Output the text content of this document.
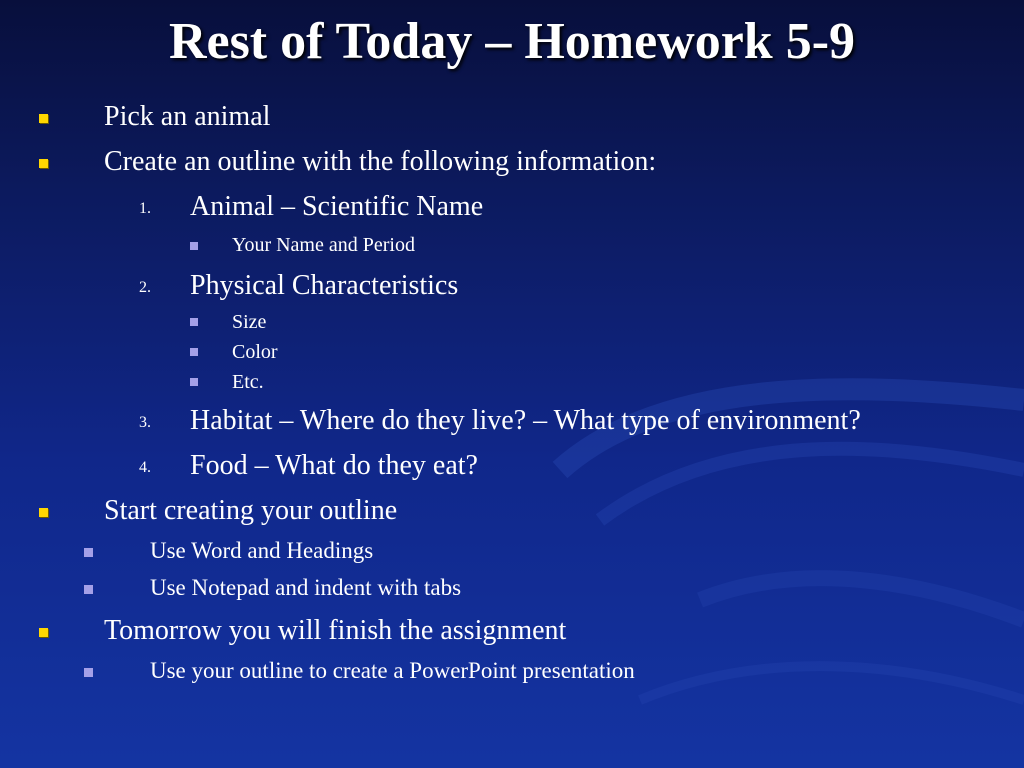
Rest of Today – Homework 5-9
Pick an animal
Create an outline with the following information:
1. Animal – Scientific Name
Your Name and Period
2. Physical Characteristics
Size
Color
Etc.
3. Habitat – Where do they live? – What type of environment?
4. Food – What do they eat?
Start creating your outline
Use Word and Headings
Use Notepad and indent with tabs
Tomorrow you will finish the assignment
Use your outline to create a PowerPoint presentation
